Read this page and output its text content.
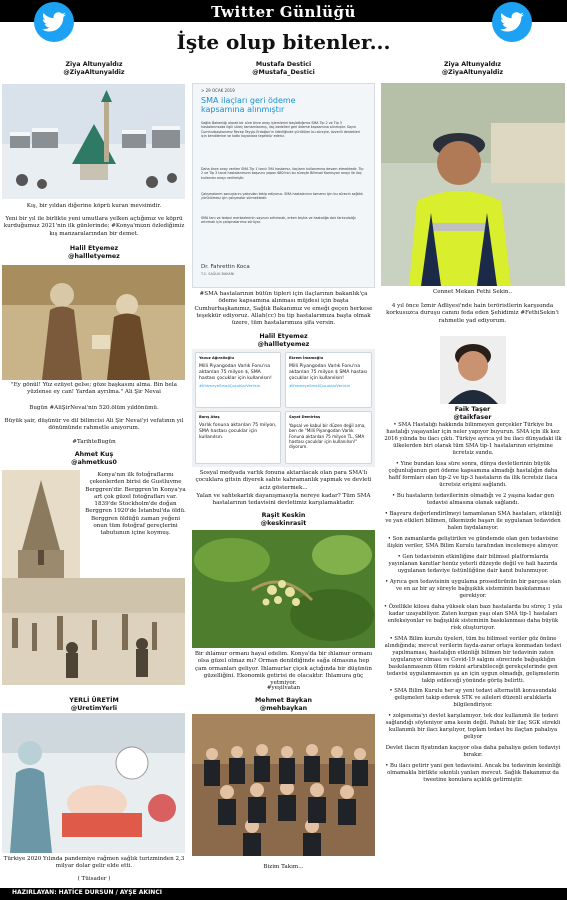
Twitter Günlüğü
İşte olup bitenler...
Ziya Altunyaldız
@ZiyaAltunyaldiz
Kış, bir yıldan diğerine köprü kuran mevsimdir.
Yeni bir yıl ile birlikte yeni umutlara yelken açtığımız ve köprü kurduğumuz 2021'nin ilk günlerinde; #Konya'mızın özlediğimiz kış manzaralarından bir demet.
Halil Etyemez
@hallletyemez
"Ey gönül! Yüz ezüyet gelse; göze başkasını alma. Bin bela yüzlense ey can! Yardan ayrılma." Ali Şir Nevai
Bugün #AliŞirNevai'nin 520.ölüm yıldönümü.
Büyük şair, düşünür ve dil bilimcisi Ali Şir Nevai'yi vefatının yıl dönümünde rahmetle anıyorum.
#TarihteBugün
Ahmet Kuş
@ahmetkus0
Konya'nın ilk fotoğraflarını çekenlerden birisi de Gustluvme Berggren'dir. Berggren'in Konya'ya art çok güzel fotoğrafları var. 1839'de Stockholm'de doğan Berggren 1920'de İstanbul'da öldü. Berggren öldüğü zaman yeğeni onun tüm fotoğraf gereçlerini tabutunun içine koymuş.
YERLİ ÜRETİM
@UretimYerli
Türkiye 2020 Yılında pandemiye rağmen sağlık turizminden 2,3 milyar dolar gelir elde etti.
( Tüisader )
Mustafa Destici
@Mustafa_Destici
> 29 OCAK 2019
SMA ilaçları geri ödeme kapsamına alınmıştır
Sağlık Bakanlığı olarak bir süre önce onay işlemlerini başlattığımız SMA Tip 2 ve Tip 3 hastalarımızda ilgili süreç tamamlanmış, ilaç bedelleri geri ödeme kapsamına alınmıştır. Sayın Cumhurbaşkanımız Recep Tayyip Erdoğan'ın liderliğinde yürütülen bu süreçte, özverili destekleri için kendilerine ve katkı koyanlara teşekkür ederiz.
Daha önce onay verilen SMA Tip 1 tanılı 394 hastamız, ilaçların kullanımına devam etmektedir. Tip 2 ve Tip 3 tanılı hastalarımızın başvuru yapan 680'inin bu süreçte Bilimsel Komisyon onayı ile ilaç kullanımı onayı verilmiştir.
Çalışmalarım sonuçlarını yakından takip ediyoruz. SMA hastalarının tamamı için bu sürecin sağlıklı yürütülmesi için çalışmalar sürmektedir.
SMA tanı ve tedavi merkezlerinin sayısını arttırarak, erken teşhis ve hastalığa dair farkındalığı artırmak için çalışmalarımız sürüyor.
Dr. Fahrettin Koca
T.C. SAĞLIK BAKANI
#SMA hastalarının bütün tipleri için ilaçlarının bakanlık'ça ödeme kapsamına alınması müjdesi için başta Cumhurbaşkanımız, Sağlık Bakanımız ve emeği geçen herkese teşekkür ediyoruz. Allah(cc) bu tip hastalarımıza başta olmak üzere, tüm hastalarımıza şifa versin.
Halil Etyemez
@hallletyemez
Yavuz Ağıralioğlu
Milli Piyangodan Varlık Fonu'na aktarılan 75 milyon $, SMA hastası çocuklar için kullanılsın!
#İframeyeSmaliÇocuklarVerilsin
Ekrem İmamoğlu
Milli Piyangodan Varlık Fonu'na aktarılan 75 milyon $ SMA hastası çocuklar için kullanılsın!
#İframeyeSmaliÇocuklarVerilsin
Barış Ataş
Varlık fonuna aktarılan 75 milyon, SMA hastası çocuklar için kullanılsın.
Sayat Demirtaş
Yapsal ve kabul bir düzen değil ama, ben de "Milli Piyangodan Varlık Fonuna aktarılan 75 milyon TL, SMA hastası çocuklar için kullanılsın!" diyorum.
Sosyal medyada varlık fonuna aktarılacak olan para SMA'lı çocuklara gitsin diyerek sahte kahramanlık yapmak ve devleti aciz göstermek...
Yalan ve sahtekarlık dayanışmasıyla nereye kadar? Tüm SMA hastalarının tedavisini devletimiz karşılamaktadır.
Raşit Keskin
@keskinrasit
Bir ıhlamur ormanı hayal edelim. Konya'da bir ıhlamur ormanı olsa güzel olmaz mı? Orman denildiğinde sağa olmasına hep çam ormanları geliyor. Ihlamurlar çiçek açtığında bir düşünün güzelliğini. Ekonomik getirisi de olacaktır. Ihlamura güç yetmiyor.
#yeşilvatan
Mehmet Baykan
@mehbaykan
Bizim Takım...
Ziya Altunyaldız
@ZiyaAltunyaldiz
Cennet Mekan Fethi Sekin..
4 yıl önce İzmir Adliyesi'nde hain teröristlerin karşısında korkusuzca duruşu canını feda eden Şehidimiz #FethiSekin'i rahmetle yad ediyorum.
Faik Taşer
@taikfaser

• SMA Hastalığı hakkında bilinmeyen gerçekler Türkiye bu hastalığı yaşayanlar için neler yapıyor buyurun. SMA için ilk kez 2016 yılında bu ilacı çıktı. Türkiye ayrıca yıl bu ilacı dünyadaki ilk ülkelerden biri olarak tüm SMA tip-1 hastalarının erişimine ücretsiz sundu.

• Yine bundan kısa süre sonra, dünya devletlerinin büyük çoğunluğunun geri ödeme kapsamına almadığı hastalığın daha hafif formları olan tip-2 ve tip-3 hastaların da ilik ücretsiz ilaca ücretsiz erişimi sağlandı.

• Bu hastaların tedavilerinin olmadığı ve 2 yaşına kadar gen tedavisi almasına olanak sağlandı.

• Başvuru değerlendirilmeyi tamamlanan SMA hastaları, etkinliği ve yan etkileri bilimen, ülkemizde başarı ile uygulanan tedaviden halen faydalanıyor.

• Son zamanlarda geliştirilen ve gündemde olan gen tedavisine ilişkin veriler, SMA Bilim Kurulu tarafından incelemeye alınıyor.

• Gen tedavisinin etkinliğine dair bilimsel platformlarda yayınlanan kanıtlar henüz yeterli düzeyde değil ve hali hazırda uygulanan tedaviye üstünlüğüne dair kanıt bulunmuyor.

• Ayrıca gen tedavisinin uygulama prosedürünün bir parçası olan ve en az bir ay süreyle bağışıklık sisteminin baskılanması gerekiyor.

• Özellikle kilosu daha yüksek olan bazı hastalarda bu süreç 1 yıla kadar uzayabiliyor. Zaten kurgan yaşı olan SMA tip-1 hastaları enfeksiyonlar ve bağışıklık sisteminin baskılanması daha büyük risk oluşturuyor.

• SMA Bilim kurulu üyeleri, tüm bu bilimsel veriler göz önüne alındığında; mevcut verilerin fayda-zarar ortaya konmadan tedavi yapılmaması, hastalığın etkinliği bilimen bir tedavinin zaten uygulanıyor olması ve Covid-19 salgını sürecinde bağışıklığın baskılanmasının ölüm riskini artırabileceği gerekçelerinde gen tedavisi uygulanmasının şu an için uygun olmadığı, gelişmelerin takip edileceği yönünde görüş belirtti.

• SMA Bilim Kurulu her ay yeni tedavi alternatifi konusundaki gelişmeleri takip ederek STK ve aileleri düzenli aralıklarla bilgilendiriyor.

• zolgensma'yı devlet karşılamıyor. tek doz kullanımlı ile tedavi sağlandığı söyleniyor ama kesin değil. Pahalı bir ilaç SGK sürekli kullanımlı bir ilacı karşılıyor, toplam tedavi bu ilaçtan pahalıya geliyor

Devlet ilacın fiyatından kaçıyor olsa daha pahalıya gelen tedaviyi bırakır.

• Bu ilacı getirir yani gen tedavisini. Ancak bu tedavinin kesinliği olmamakla birlikte sıkıntılı yanları mevcut. Sağlık Bakanımız da tweetine konulara açıklık getirmiştir.

HAZIRLAYAN: HATİCE DURSUN / AYŞE AKINCI
